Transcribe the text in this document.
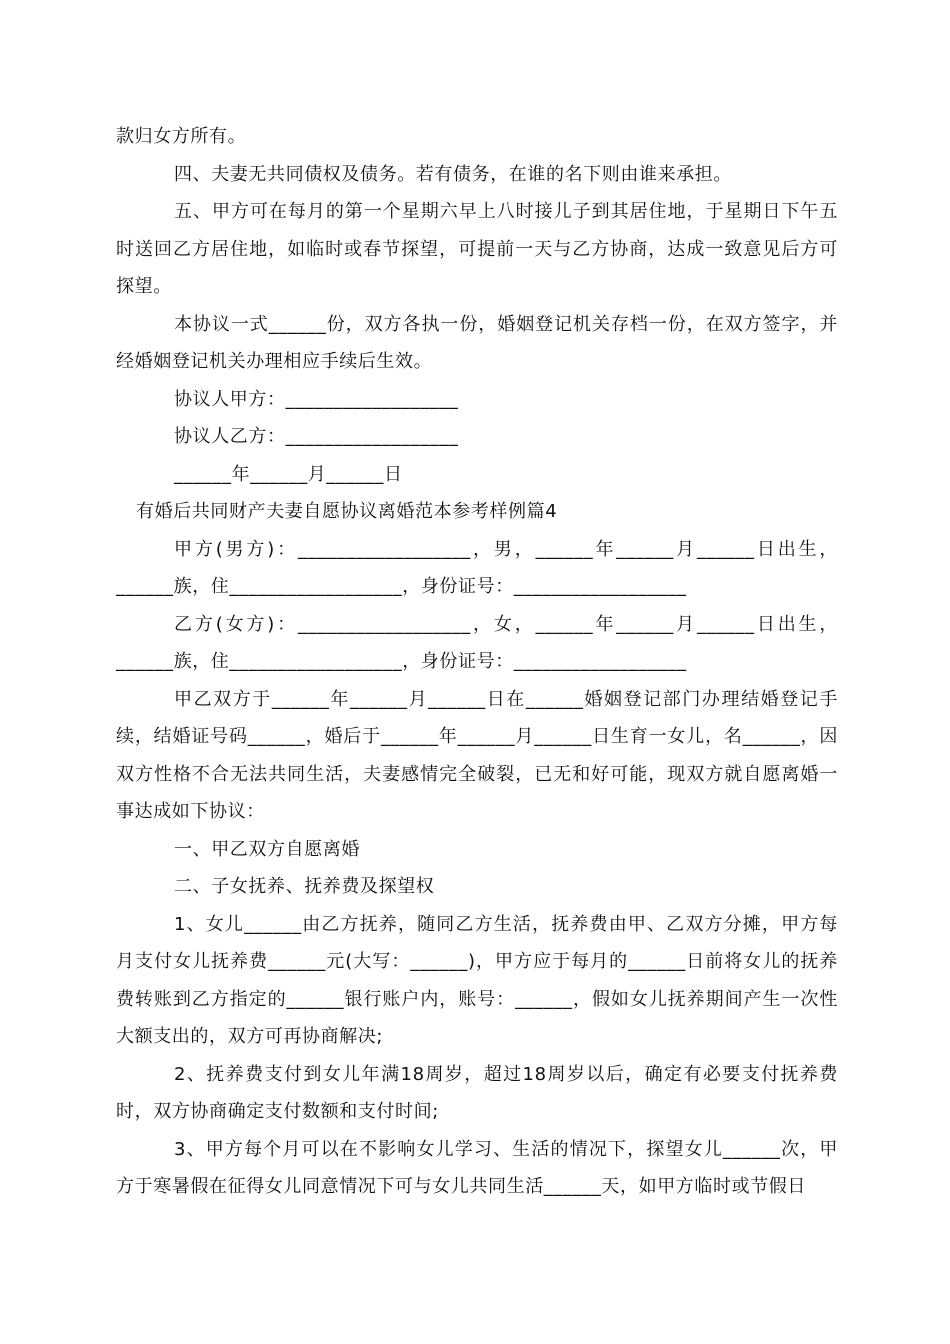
款归女方所有。

四、夫妻无共同债权及债务。若有债务，在谁的名下则由谁来承担。

五、甲方可在每月的第一个星期六早上八时接儿子到其居住地，于星期日下午五时送回乙方居住地，如临时或春节探望，可提前一天与乙方协商，达成一致意见后方可探望。

本协议一式______份，双方各执一份，婚姻登记机关存档一份，在双方签字，并经婚姻登记机关办理相应手续后生效。

协议人甲方：__________________

协议人乙方：__________________

______年______月______日

有婚后共同财产夫妻自愿协议离婚范本参考样例篇4

甲方(男方)：__________________，男，______年______月______日出生，______族，住__________________，身份证号：__________________

乙方(女方)：__________________，女，______年______月______日出生，______族，住__________________，身份证号：__________________

甲乙双方于______年______月______日在______婚姻登记部门办理结婚登记手续，结婚证号码______，婚后于______年______月______日生育一女儿，名______，因双方性格不合无法共同生活，夫妻感情完全破裂，已无和好可能，现双方就自愿离婚一事达成如下协议：

一、甲乙双方自愿离婚

二、子女抚养、抚养费及探望权

1、女儿______由乙方抚养，随同乙方生活，抚养费由甲、乙双方分摊，甲方每月支付女儿抚养费______元(大写：______)，甲方应于每月的______日前将女儿的抚养费转账到乙方指定的______银行账户内，账号：______，假如女儿抚养期间产生一次性大额支出的，双方可再协商解决;

2、抚养费支付到女儿年满18周岁，超过18周岁以后，确定有必要支付抚养费时，双方协商确定支付数额和支付时间;

3、甲方每个月可以在不影响女儿学习、生活的情况下，探望女儿______次，甲方于寒暑假在征得女儿同意情况下可与女儿共同生活______天，如甲方临时或节假日
